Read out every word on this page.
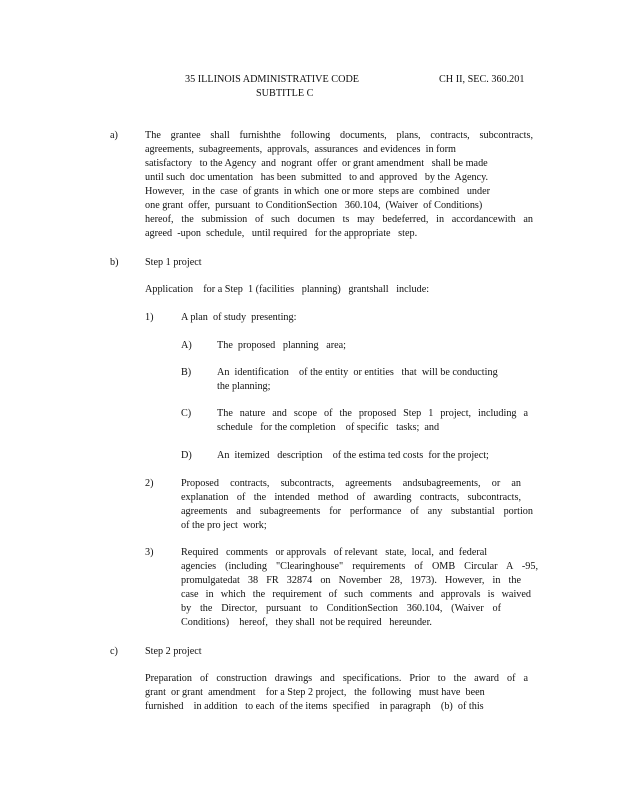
35 ILLINOIS ADMINISTRATIVE CODE	CH II, SEC. 360.201
SUBTITLE C
a)	The grantee shall furnishthe following documents, plans, contracts, subcontracts,
agreements,  subagreements,  approvals,  assurances  and evidences  in form
satisfactory   to the Agency  and  nogrant  offer  or grant amendment   shall be made
until such  doc umentation   has been  submitted   to and  approved   by the  Agency.
However,   in the  case  of grants  in which  one or more  steps are  combined   under
one grant  offer,  pursuant  to ConditionSection   360.104,  (Waiver  of Conditions)
hereof, the submission of such documen ts may bedeferred, in accordancewith an
agreed  -upon  schedule,   until required   for the appropriate   step.
b)	Step 1 project
Application    for a Step  1 (facilities   planning)   grantshall   include:
1)	A plan  of study  presenting:
A) The  proposed   planning   area;
B)	An  identification    of the entity  or entities   that  will be conducting
the planning;
C)	The nature and scope of the proposed Step 1 project, including a
schedule   for the completion    of specific   tasks;  and
D) An  itemized   description    of the estima ted costs  for the project;
2)	Proposed contracts, subcontracts, agreements andsubagreements, or an
explanation of the intended method of awarding contracts, subcontracts,
agreements and subagreements for performance of any substantial portion
of the pro ject  work;
3)	Required   comments   or approvals   of relevant   state,  local,  and  federal
agencies (including "Clearinghouse" requirements of OMB Circular A -95,
promulgatedat 38 FR 32874 on November 28, 1973). However, in the
case in which the requirement of such comments and approvals is waived
by the Director, pursuant to ConditionSection 360.104, (Waiver of
Conditions)    hereof,   they shall  not be required   hereunder.
c)	Step 2 project
Preparation of construction drawings and specifications. Prior to the award of a
grant  or grant  amendment    for a Step 2 project,   the  following   must have  been
furnished    in addition   to each  of the items  specified    in paragraph    (b)  of this
